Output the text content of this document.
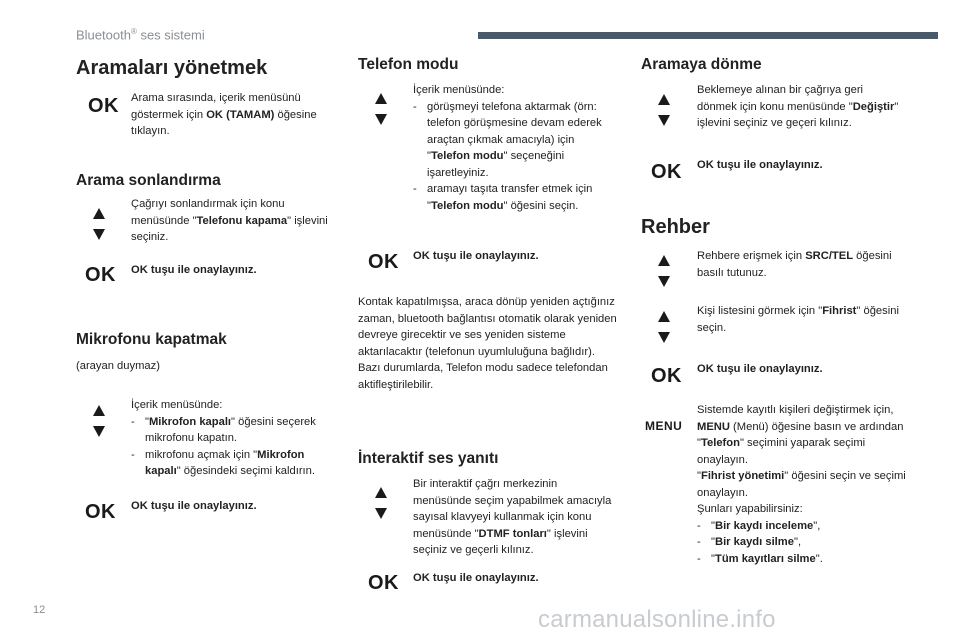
Bluetooth® ses sistemi
Aramaları yönetmek
OK Arama sırasında, içerik menüsünü göstermek için OK (TAMAM) öğesine tıklayın.
Arama sonlandırma
Çağrıyı sonlandırmak için konu menüsünde "Telefonu kapama" işlevini seçiniz.
OK OK tuşu ile onaylayınız.
Mikrofonu kapatmak
(arayan duymaz)
İçerik menüsünde:
- "Mikrofon kapalı" öğesini seçerek mikrofonu kapatın.
- mikrofonu açmak için "Mikrofon kapalı" öğesindeki seçimi kaldırın.
OK OK tuşu ile onaylayınız.
Telefon modu
İçerik menüsünde:
- görüşmeyi telefona aktarmak (örn: telefon görüşmesine devam ederek araçtan çıkmak amacıyla) için "Telefon modu" seçeneğini işaretleyiniz.
- aramayı taşıta transfer etmek için "Telefon modu" öğesini seçin.
OK OK tuşu ile onaylayınız.
Kontak kapatılmışsa, araca dönüp yeniden açtığınız zaman, bluetooth bağlantısı otomatik olarak yeniden devreye girecektir ve ses yeniden sisteme aktarılacaktır (telefonun uyumluluğuna bağlıdır).
Bazı durumlarda, Telefon modu sadece telefondan aktifleştirilebilir.
İnteraktif ses yanıtı
Bir interaktif çağrı merkezinin menüsünde seçim yapabilmek amacıyla sayısal klavyeyi kullanmak için konu menüsünde "DTMF tonları" işlevini seçiniz ve geçerli kılınız.
OK OK tuşu ile onaylayınız.
Aramaya dönme
Beklemeye alınan bir çağrıya geri dönmek için konu menüsünde "Değiştir" işlevini seçiniz ve geçeri kılınız.
OK OK tuşu ile onaylayınız.
Rehber
Rehbere erişmek için SRC/TEL öğesini basılı tutunuz.
Kişi listesini görmek için "Fihrist" öğesini seçin.
OK OK tuşu ile onaylayınız.
MENU
Sistemde kayıtlı kişileri değiştirmek için, MENU (Menü) öğesine basın ve ardından "Telefon" seçimini yaparak seçimi onaylayın.
"Fihrist yönetimi" öğesini seçin ve seçimi onaylayın.
Şunları yapabilirsiniz:
- "Bir kaydı inceleme",
- "Bir kaydı silme",
- "Tüm kayıtları silme".
12	carmanualsonline.info
